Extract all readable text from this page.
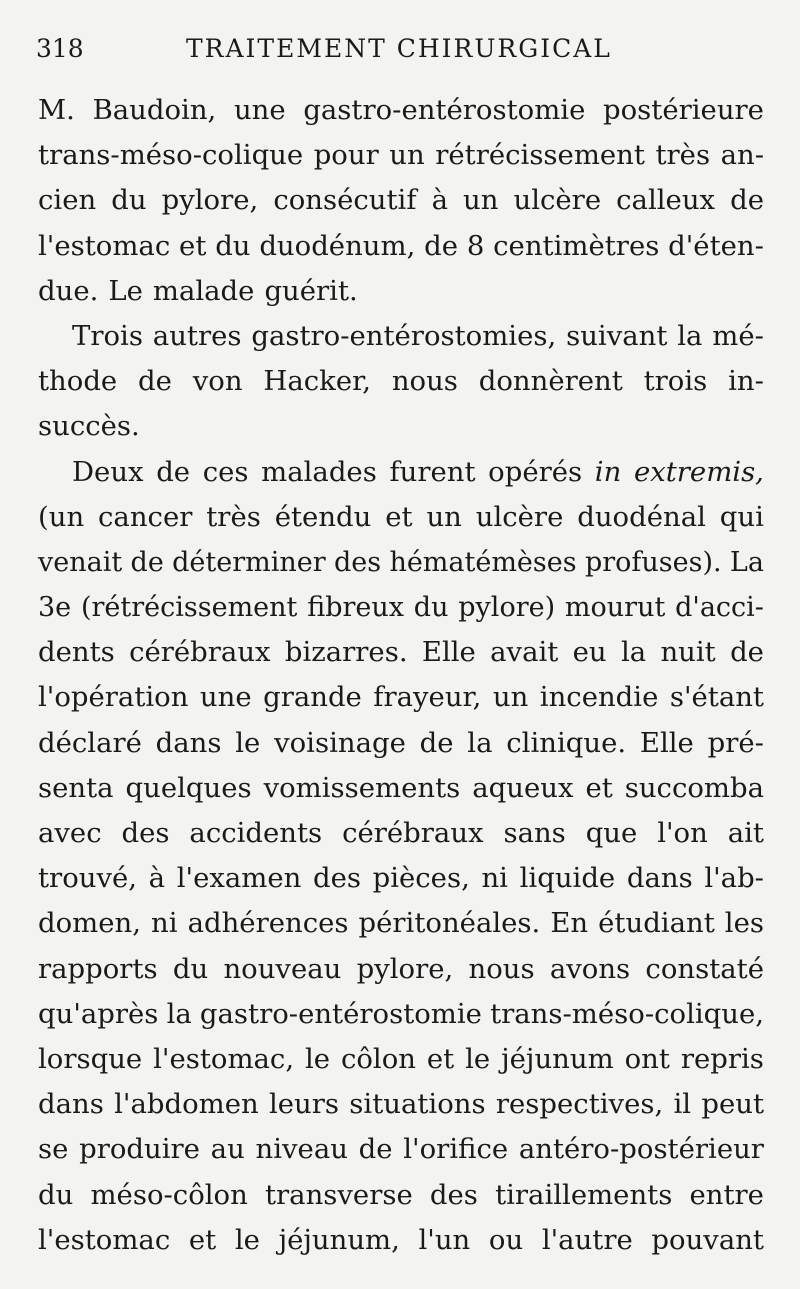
318	TRAITEMENT CHIRURGICAL
M. Baudoin, une gastro-entérostomie postérieure
trans-méso-colique pour un rétrécissement très an-
cien du pylore, consécutif à un ulcère calleux de
l'estomac et du duodénum, de 8 centimètres d'éten-
due. Le malade guérit.
Trois autres gastro-entérostomies, suivant la mé-
thode de von Hacker, nous donnèrent trois in-
succès.
Deux de ces malades furent opérés in extremis,
(un cancer très étendu et un ulcère duodénal qui
venait de déterminer des hématémèses profuses). La
3e (rétrécissement fibreux du pylore) mourut d'acci-
dents cérébraux bizarres. Elle avait eu la nuit de
l'opération une grande frayeur, un incendie s'étant
déclaré dans le voisinage de la clinique. Elle pré-
senta quelques vomissements aqueux et succomba
avec des accidents cérébraux sans que l'on ait
trouvé, à l'examen des pièces, ni liquide dans l'ab-
domen, ni adhérences péritonéales. En étudiant les
rapports du nouveau pylore, nous avons constaté
qu'après la gastro-entérostomie trans-méso-colique,
lorsque l'estomac, le côlon et le jéjunum ont repris
dans l'abdomen leurs situations respectives, il peut
se produire au niveau de l'orifice antéro-postérieur
du méso-côlon transverse des tiraillements entre
l'estomac et le jéjunum, l'un ou l'autre pouvant
